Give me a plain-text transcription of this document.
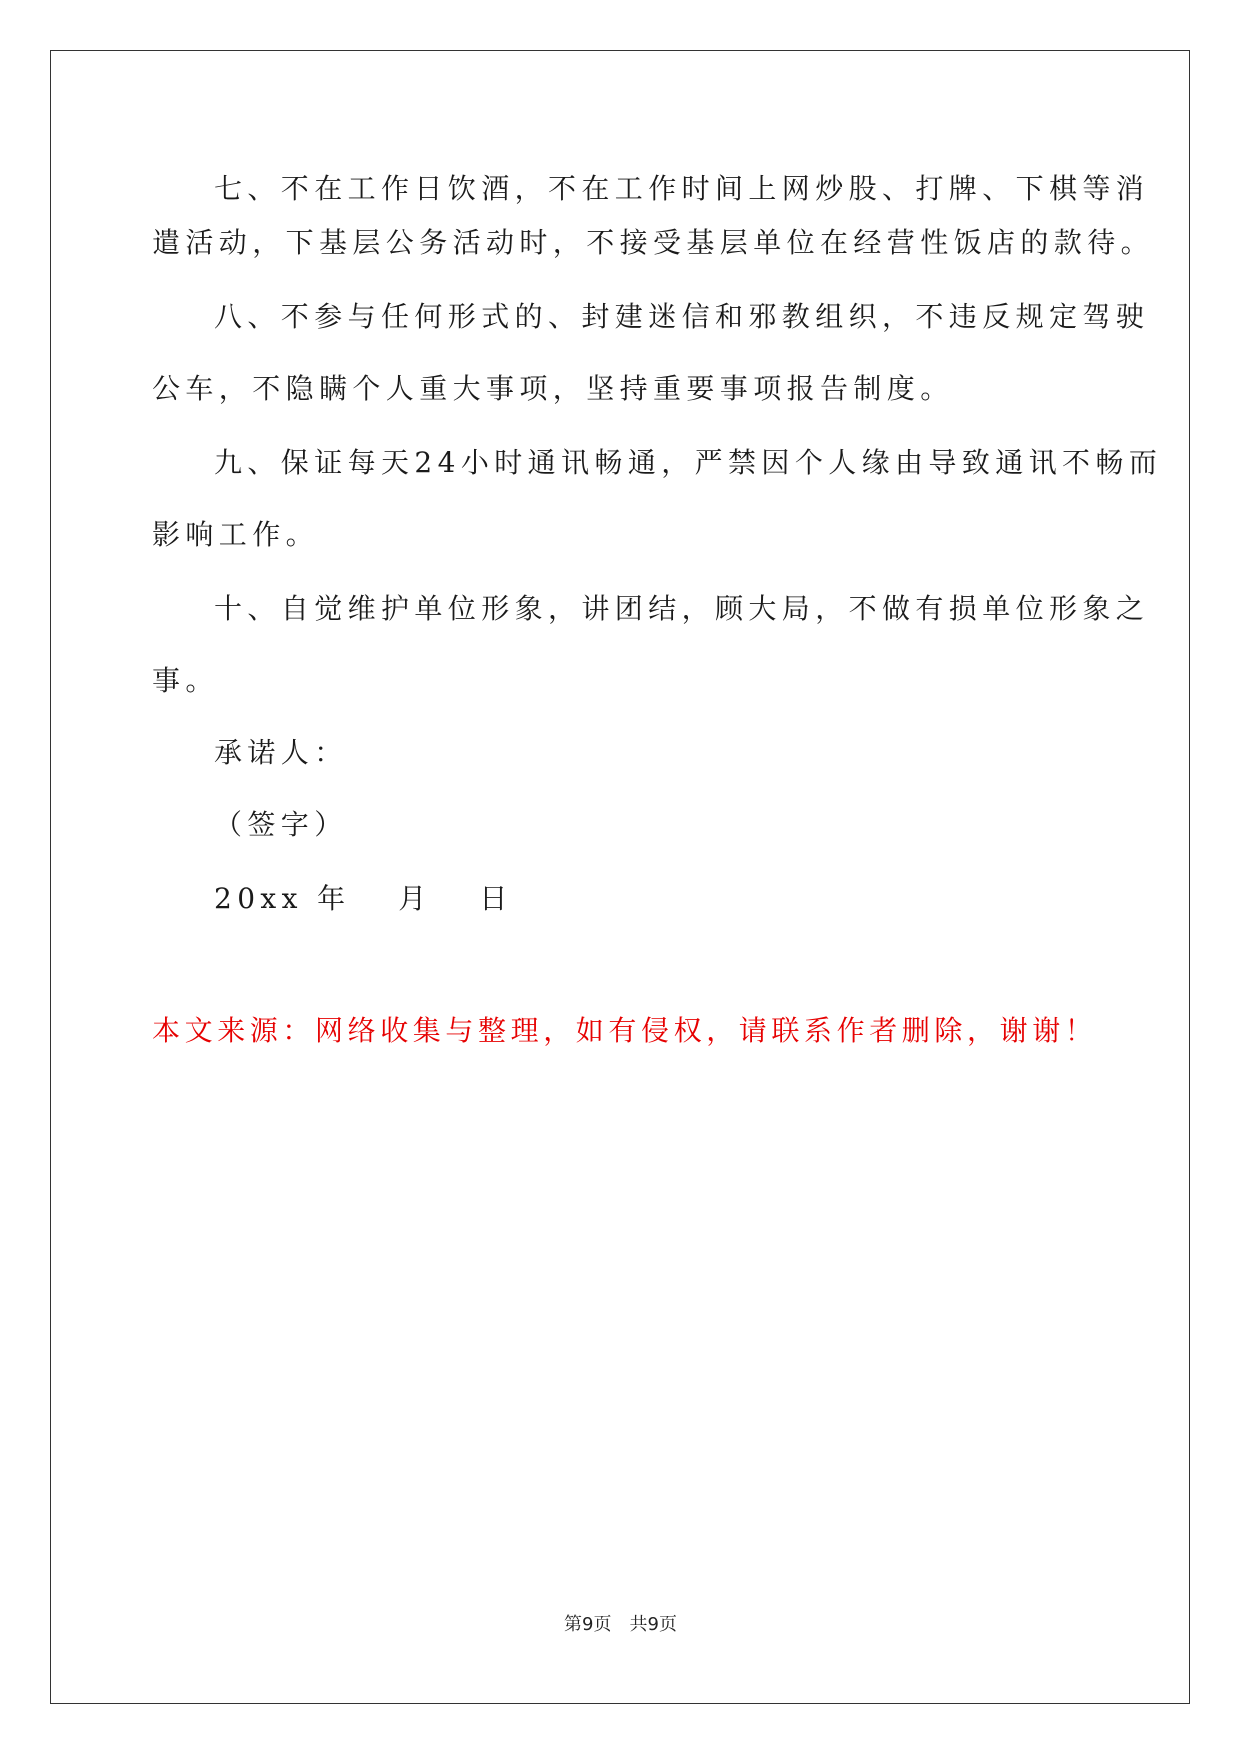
七、不在工作日饮酒，不在工作时间上网炒股、打牌、下棋等消
遣活动，下基层公务活动时，不接受基层单位在经营性饭店的款待。
八、不参与任何形式的、封建迷信和邪教组织，不违反规定驾驶
公车，不隐瞒个人重大事项，坚持重要事项报告制度。
九、保证每天24小时通讯畅通，严禁因个人缘由导致通讯不畅而
影响工作。
十、自觉维护单位形象，讲团结，顾大局，不做有损单位形象之
事。
承诺人：
（签字）
20xx 年　 月　 日
本文来源：网络收集与整理，如有侵权，请联系作者删除，谢谢！
第9页 共9页
